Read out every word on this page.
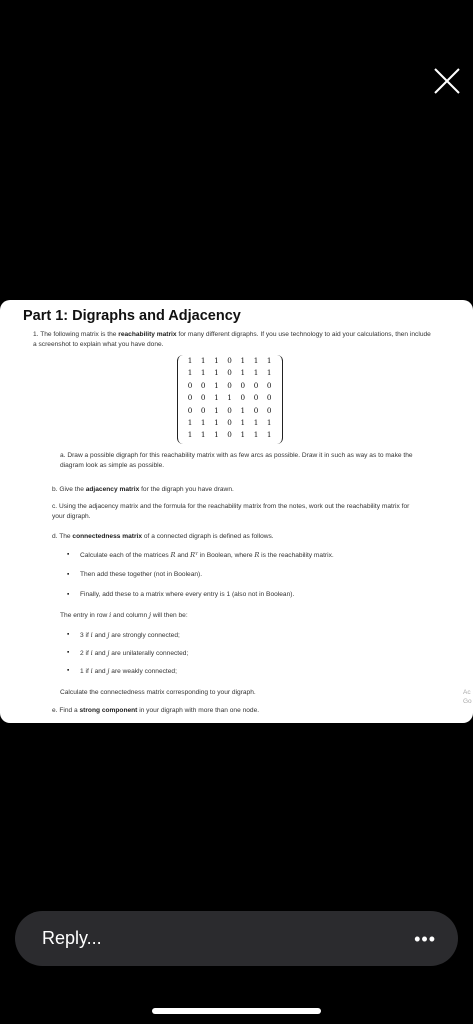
Part 1: Digraphs and Adjacency
1. The following matrix is the reachability matrix for many different digraphs. If you use technology to aid your calculations, then include a screenshot to explain what you have done.
1	1	1	0	1	1	1
1	1	1	0	1	1	1
0	0	1	0	0	0	0
0	0	1	1	0	0	0
0	0	1	0	1	0	0
1	1	1	0	1	1	1
1	1	1	0	1	1	1
a. Draw a possible digraph for this reachability matrix with as few arcs as possible. Draw it in such as way as to make the diagram look as simple as possible.
b. Give the adjacency matrix for the digraph you have drawn.
c. Using the adjacency matrix and the formula for the reachability matrix from the notes, work out the reachability matrix for your digraph.
d. The connectedness matrix of a connected digraph is defined as follows.
▪ Calculate each of the matrices R and Rᵀ in Boolean, where R is the reachability matrix.
▪ Then add these together (not in Boolean).
▪ Finally, add these to a matrix where every entry is 1 (also not in Boolean).
The entry in row i and column j will then be:
▪ 3 if i and j are strongly connected;
▪ 2 if i and j are unilaterally connected;
▪ 1 if i and j are weakly connected;
Calculate the connectedness matrix corresponding to your digraph.
e. Find a strong component in your digraph with more than one node.
Ac
Go
Reply...	•••
